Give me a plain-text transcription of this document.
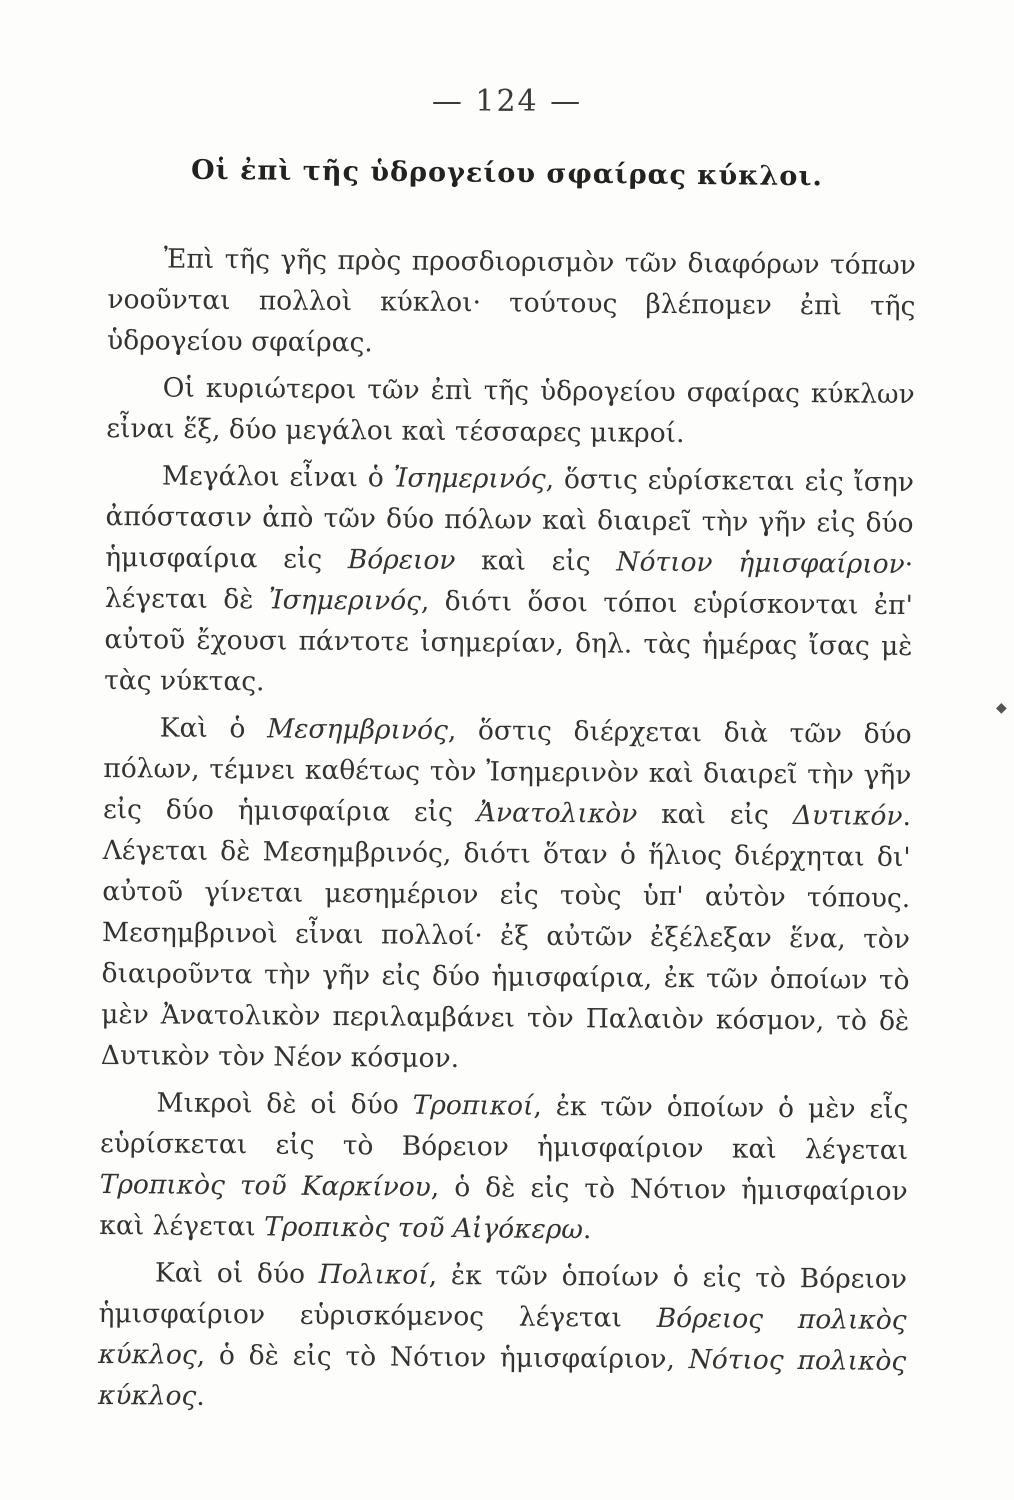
— 124 —
Οἱ ἐπὶ τῆς ὑδρογείου σφαίρας κύκλοι.

Ἐπὶ τῆς γῆς πρὸς προσδιορισμὸν τῶν διαφόρων τόπων νοοῦνται πολλοὶ κύκλοι· τούτους βλέπομεν ἐπὶ τῆς ὑδρογείου σφαίρας.

Οἱ κυριώτεροι τῶν ἐπὶ τῆς ὑδρογείου σφαίρας κύκλων εἶναι ἕξ, δύο μεγάλοι καὶ τέσσαρες μικροί.

Μεγάλοι εἶναι ὁ Ἰσημερινός, ὅστις εὑρίσκεται εἰς ἴσην ἀπόστασιν ἀπὸ τῶν δύο πόλων καὶ διαιρεῖ τὴν γῆν εἰς δύο ἡμισφαίρια εἰς Βόρειον καὶ εἰς Νότιον ἡμισφαίριον· λέγεται δὲ Ἰσημερινός, διότι ὅσοι τόποι εὑρίσκονται ἐπ' αὐτοῦ ἔχουσι πάντοτε ἰσημερίαν, δηλ. τὰς ἡμέρας ἴσας μὲ τὰς νύκτας.

Καὶ ὁ Μεσημβρινός, ὅστις διέρχεται διὰ τῶν δύο πόλων, τέμνει καθέτως τὸν Ἰσημερινὸν καὶ διαιρεῖ τὴν γῆν εἰς δύο ἡμισφαίρια εἰς Ἀνατολικὸν καὶ εἰς Δυτικόν. Λέγεται δὲ Μεσημβρινός, διότι ὅταν ὁ ἥλιος διέρχηται δι' αὐτοῦ γίνεται μεσημέριον εἰς τοὺς ὑπ' αὐτὸν τόπους. Μεσημβρινοὶ εἶναι πολλοί· ἐξ αὐτῶν ἐξέλεξαν ἕνα, τὸν διαιροῦντα τὴν γῆν εἰς δύο ἡμισφαίρια, ἐκ τῶν ὁποίων τὸ μὲν Ἀνατολικὸν περιλαμβάνει τὸν Παλαιὸν κόσμον, τὸ δὲ Δυτικὸν τὸν Νέον κόσμον.

Μικροὶ δὲ οἱ δύο Τροπικοί, ἐκ τῶν ὁποίων ὁ μὲν εἷς εὑρίσκεται εἰς τὸ Βόρειον ἡμισφαίριον καὶ λέγεται Τροπικὸς τοῦ Καρκίνου, ὁ δὲ εἰς τὸ Νότιον ἡμισφαίριον καὶ λέγεται Τροπικὸς τοῦ Αἰγόκερω.

Καὶ οἱ δύο Πολικοί, ἐκ τῶν ὁποίων ὁ εἰς τὸ Βόρειον ἡμισφαίριον εὑρισκόμενος λέγεται Βόρειος πολικὸς κύκλος, ὁ δὲ εἰς τὸ Νότιον ἡμισφαίριον, Νότιος πολικὸς κύκλος.

◆
